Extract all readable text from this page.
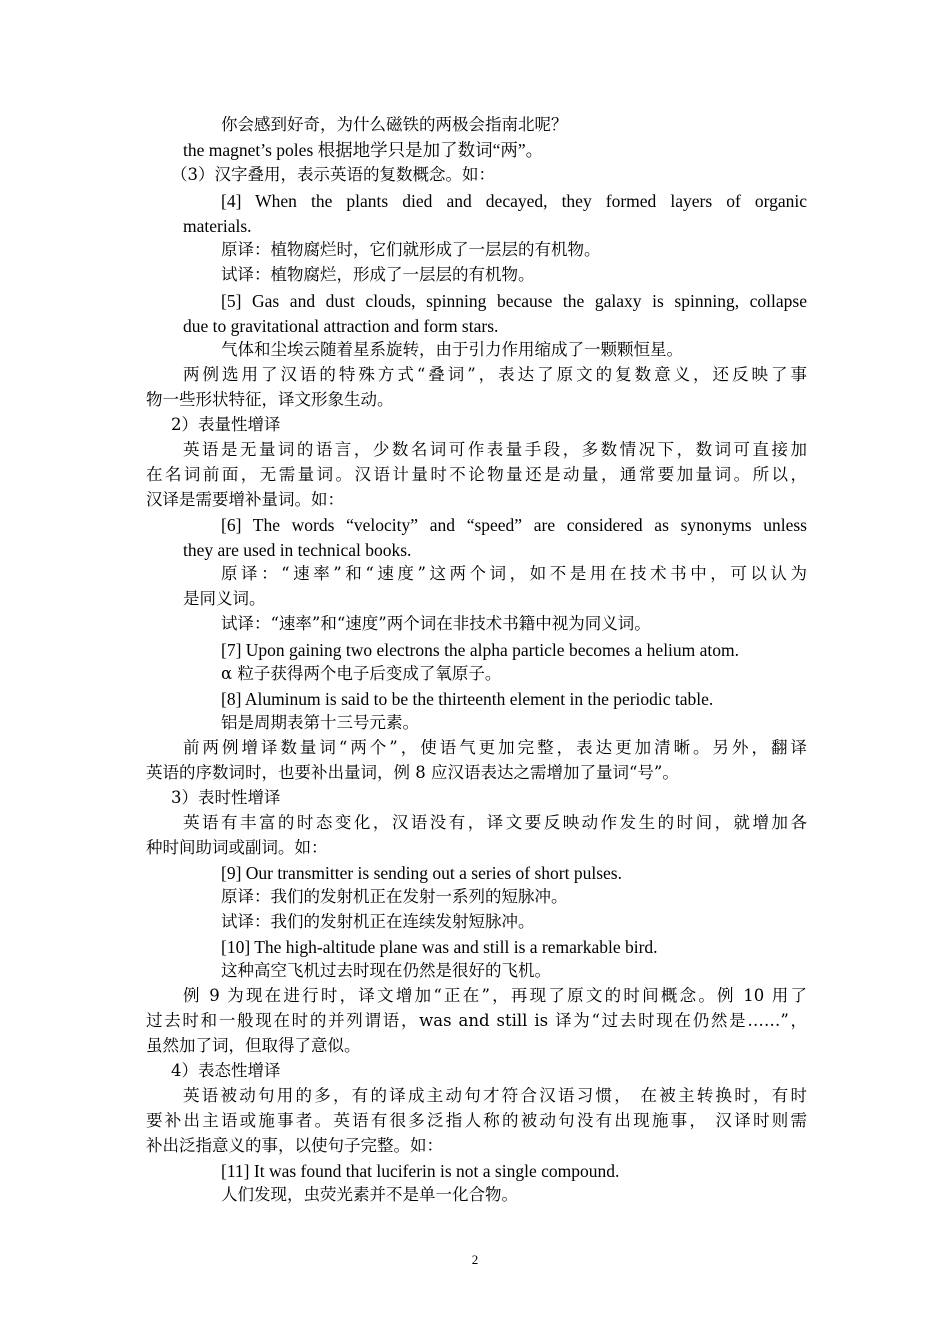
你会感到好奇，为什么磁铁的两极会指南北呢？
the magnet’s poles 根据地学只是加了数词“两”。
（3）汉字叠用，表示英语的复数概念。如：
[4] When the plants died and decayed, they formed layers of organic
materials.
原译：植物腐烂时，它们就形成了一层层的有机物。
试译：植物腐烂，形成了一层层的有机物。
[5] Gas and dust clouds, spinning because the galaxy is spinning, collapse
due to gravitational attraction and form stars.
气体和尘埃云随着星系旋转，由于引力作用缩成了一颗颗恒星。
两例选用了汉语的特殊方式“叠词”，表达了原文的复数意义，还反映了事
物一些形状特征，译文形象生动。
2）表量性增译
英语是无量词的语言，少数名词可作表量手段，多数情况下，数词可直接加
在名词前面，无需量词。汉语计量时不论物量还是动量，通常要加量词。所以，
汉译是需要增补量词。如：
[6] The words “velocity” and “speed” are considered as synonyms unless
they are used in technical books.
原译：“速率”和“速度”这两个词，如不是用在技术书中，可以认为
是同义词。
试译：“速率”和“速度”两个词在非技术书籍中视为同义词。
[7] Upon gaining two electrons the alpha particle becomes a helium atom.
α 粒子获得两个电子后变成了氧原子。
[8] Aluminum is said to be the thirteenth element in the periodic table.
铝是周期表第十三号元素。
前两例增译数量词“两个”，使语气更加完整，表达更加清晰。另外，翻译
英语的序数词时，也要补出量词，例 8 应汉语表达之需增加了量词“号”。
3）表时性增译
英语有丰富的时态变化，汉语没有，译文要反映动作发生的时间，就增加各
种时间助词或副词。如：
[9] Our transmitter is sending out a series of short pulses.
原译：我们的发射机正在发射一系列的短脉冲。
试译：我们的发射机正在连续发射短脉冲。
[10] The high-altitude plane was and still is a remarkable bird.
这种高空飞机过去时现在仍然是很好的飞机。
例 9 为现在进行时，译文增加“正在”，再现了原文的时间概念。例 10 用了
过去时和一般现在时的并列谓语，was and still is 译为“过去时现在仍然是……”，
虽然加了词，但取得了意似。
4）表态性增译
英语被动句用的多，有的译成主动句才符合汉语习惯， 在被主转换时，有时
要补出主语或施事者。英语有很多泛指人称的被动句没有出现施事， 汉译时则需
补出泛指意义的事，以使句子完整。如：
[11] It was found that luciferin is not a single compound.
人们发现，虫荧光素并不是单一化合物。
2
